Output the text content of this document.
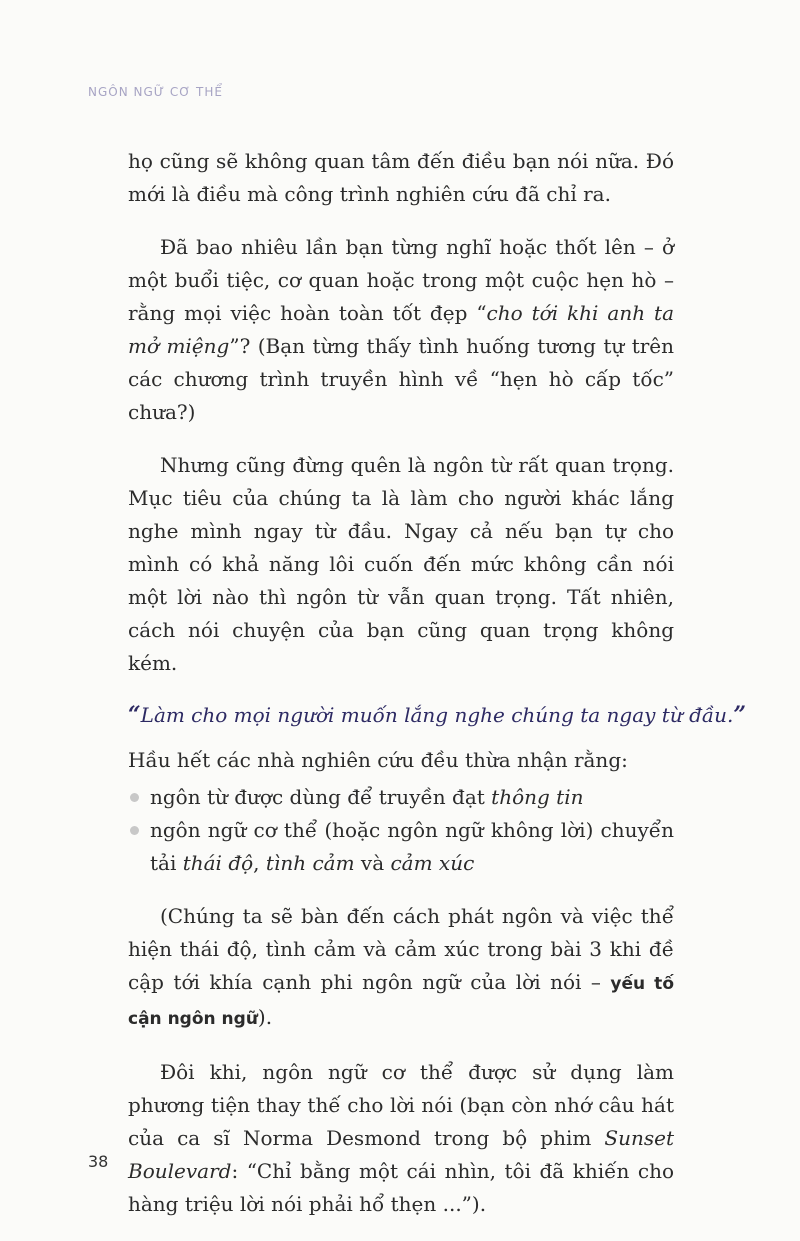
NGÔN NGỮ CƠ THỂ

họ cũng sẽ không quan tâm đến điều bạn nói nữa. Đó mới là điều mà công trình nghiên cứu đã chỉ ra.

Đã bao nhiêu lần bạn từng nghĩ hoặc thốt lên – ở một buổi tiệc, cơ quan hoặc trong một cuộc hẹn hò – rằng mọi việc hoàn toàn tốt đẹp “cho tới khi anh ta mở miệng”? (Bạn từng thấy tình huống tương tự trên các chương trình truyền hình về “hẹn hò cấp tốc” chưa?)

Nhưng cũng đừng quên là ngôn từ rất quan trọng. Mục tiêu của chúng ta là làm cho người khác lắng nghe mình ngay từ đầu. Ngay cả nếu bạn tự cho mình có khả năng lôi cuốn đến mức không cần nói một lời nào thì ngôn từ vẫn quan trọng. Tất nhiên, cách nói chuyện của bạn cũng quan trọng không kém.

“Làm cho mọi người muốn lắng nghe chúng ta ngay từ đầu.”

Hầu hết các nhà nghiên cứu đều thừa nhận rằng:

ngôn từ được dùng để truyền đạt thông tin
ngôn ngữ cơ thể (hoặc ngôn ngữ không lời) chuyển tải thái độ, tình cảm và cảm xúc

(Chúng ta sẽ bàn đến cách phát ngôn và việc thể hiện thái độ, tình cảm và cảm xúc trong bài 3 khi đề cập tới khía cạnh phi ngôn ngữ của lời nói – yếu tố cận ngôn ngữ).

Đôi khi, ngôn ngữ cơ thể được sử dụng làm phương tiện thay thế cho lời nói (bạn còn nhớ câu hát của ca sĩ Norma Desmond trong bộ phim Sunset Boulevard: “Chỉ bằng một cái nhìn, tôi đã khiến cho hàng triệu lời nói phải hổ thẹn ...”).

38
